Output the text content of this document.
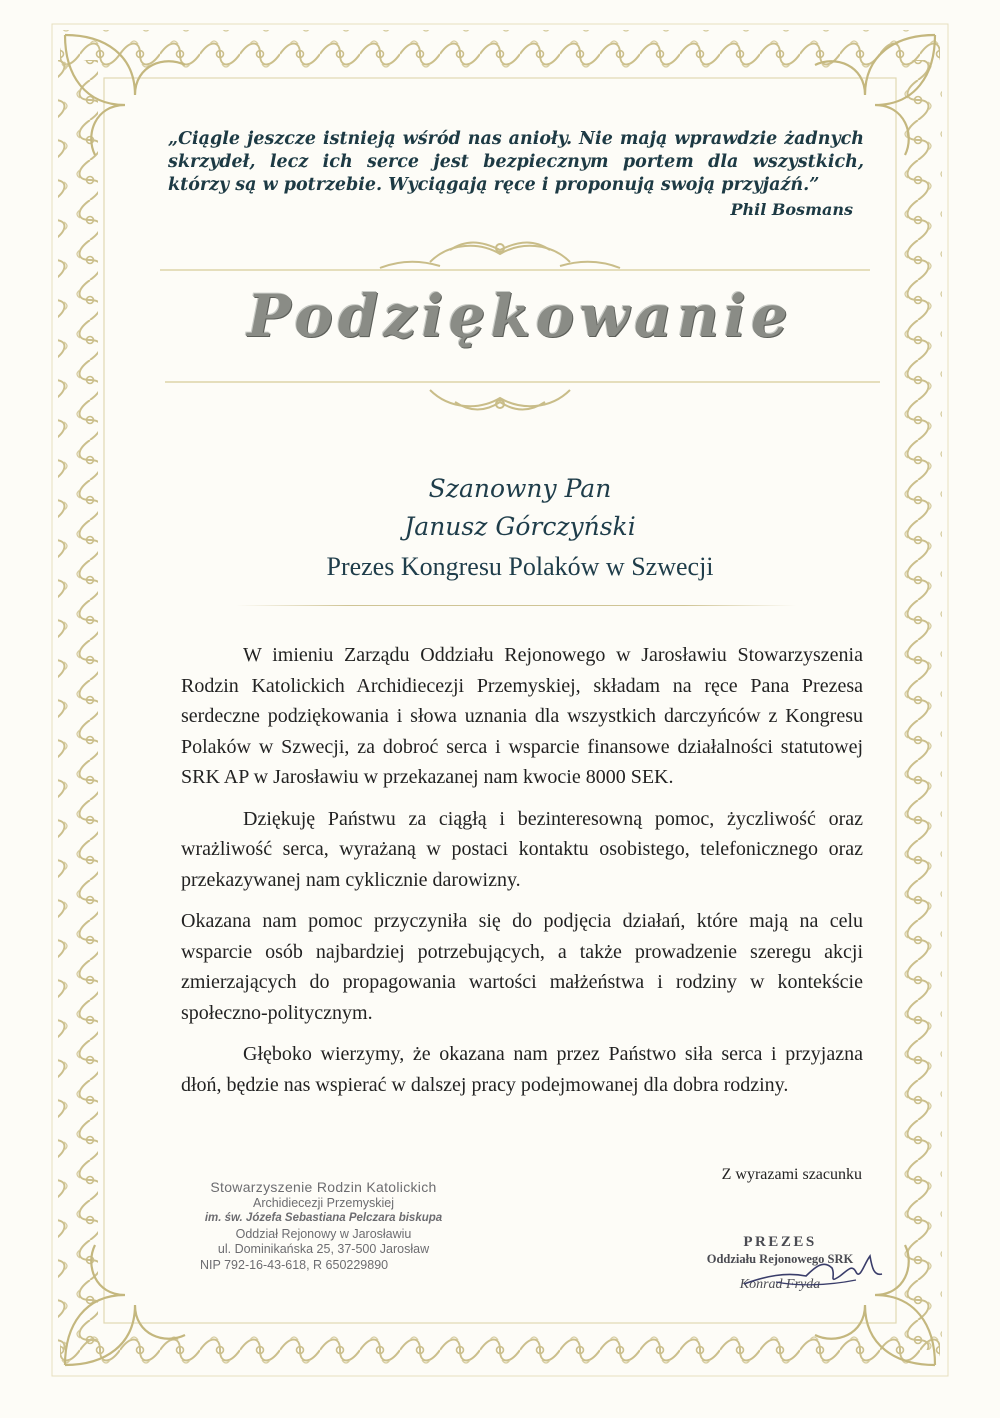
„Ciągle jeszcze istnieją wśród nas anioły. Nie mają wprawdzie żadnych skrzydeł, lecz ich serce jest bezpiecznym portem dla wszystkich, którzy są w potrzebie. Wyciągają ręce i proponują swoją przyjaźń.”
Phil Bosmans
Podziękowanie
Szanowny Pan
Janusz Górczyński
Prezes Kongresu Polaków w Szwecji

W imieniu Zarządu Oddziału Rejonowego w Jarosławiu Stowarzyszenia Rodzin Katolickich Archidiecezji Przemyskiej, składam na ręce Pana Prezesa serdeczne podziękowania i słowa uznania dla wszystkich darczyńców z Kongresu Polaków w Szwecji, za dobroć serca i wsparcie finansowe działalności statutowej SRK AP w Jarosławiu w przekazanej nam kwocie 8000 SEK.

Dziękuję Państwu za ciągłą i bezinteresowną pomoc, życzliwość oraz wrażliwość serca, wyrażaną w postaci kontaktu osobistego, telefonicznego oraz przekazywanej nam cyklicznie darowizny.

Okazana nam pomoc przyczyniła się do podjęcia działań, które mają na celu wsparcie osób najbardziej potrzebujących, a także prowadzenie szeregu akcji zmierzających do propagowania wartości małżeństwa i rodziny w kontekście społeczno-politycznym.

Głęboko wierzymy, że okazana nam przez Państwo siła serca i przyjazna dłoń, będzie nas wspierać w dalszej pracy podejmowanej dla dobra rodziny.

Z wyrazami szacunku
Stowarzyszenie Rodzin Katolickich
Archidiecezji Przemyskiej
im. św. Józefa Sebastiana Pelczara biskupa
Oddział Rejonowy w Jarosławiu
ul. Dominikańska 25, 37-500 Jarosław
NIP 792-16-43-618, R 650229890
PREZES
Oddziału Rejonowego SRK
Konrad Fryda
